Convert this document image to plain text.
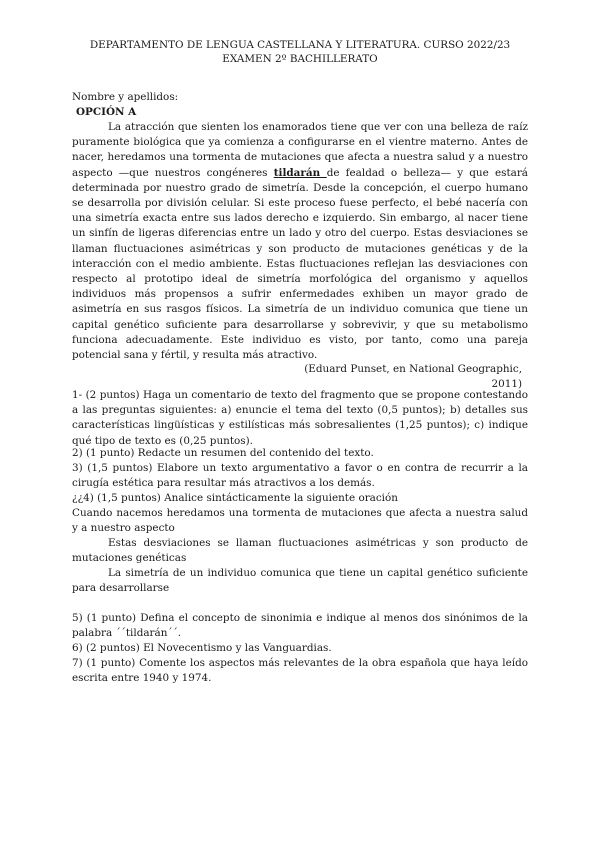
DEPARTAMENTO DE LENGUA CASTELLANA Y LITERATURA. CURSO 2022/23
EXAMEN 2º BACHILLERATO
Nombre y apellidos:
OPCIÓN A
La atracción que sienten los enamorados tiene que ver con una belleza de raíz puramente biológica que ya comienza a configurarse en el vientre materno. Antes de nacer, heredamos una tormenta de mutaciones que afecta a nuestra salud y a nuestro aspecto —que nuestros congéneres tildarán de fealdad o belleza— y que estará determinada por nuestro grado de simetría. Desde la concepción, el cuerpo humano se desarrolla por división celular. Si este proceso fuese perfecto, el bebé nacería con una simetría exacta entre sus lados derecho e izquierdo. Sin embargo, al nacer tiene un sinfín de ligeras diferencias entre un lado y otro del cuerpo. Estas desviaciones se llaman fluctuaciones asimétricas y son producto de mutaciones genéticas y de la interacción con el medio ambiente. Estas fluctuaciones reflejan las desviaciones con respecto al prototipo ideal de simetría morfológica del organismo y aquellos individuos más propensos a sufrir enfermedades exhiben un mayor grado de asimetría en sus rasgos físicos. La simetría de un individuo comunica que tiene un capital genético suficiente para desarrollarse y sobrevivir, y que su metabolismo funciona adecuadamente. Este individuo es visto, por tanto, como una pareja potencial sana y fértil, y resulta más atractivo.
(Eduard Punset, en National Geographic, 2011)
1- (2 puntos) Haga un comentario de texto del fragmento que se propone contestando a las preguntas siguientes: a) enuncie el tema del texto (0,5 puntos); b) detalles sus características lingüísticas y estilísticas más sobresalientes (1,25 puntos); c) indique qué tipo de texto es (0,25 puntos).
2) (1 punto) Redacte un resumen del contenido del texto.
3) (1,5 puntos) Elabore un texto argumentativo a favor o en contra de recurrir a la cirugía estética para resultar más atractivos a los demás.
¿¿4) (1,5 puntos) Analice sintácticamente la siguiente oración
Cuando nacemos heredamos una tormenta de mutaciones que afecta a nuestra salud y a nuestro aspecto
Estas desviaciones se llaman fluctuaciones asimétricas y son producto de mutaciones genéticas
La simetría de un individuo comunica que tiene un capital genético suficiente para desarrollarse
5) (1 punto) Defina el concepto de sinonimia e indique al menos dos sinónimos de la palabra ´´tildarán´´.
6) (2 puntos) El Novecentismo y las Vanguardias.
7) (1 punto) Comente los aspectos más relevantes de la obra española que haya leído escrita entre 1940 y 1974.
